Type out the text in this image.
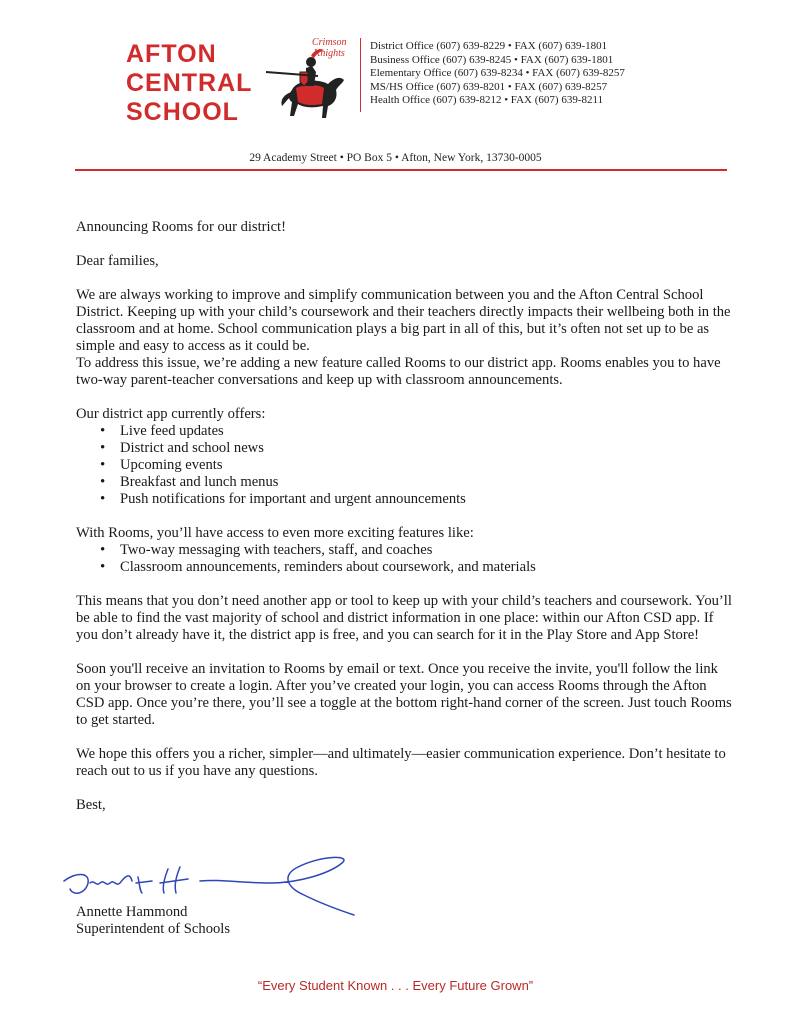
AFTON
CENTRAL
SCHOOL
Crimson
Knights
District Office (607) 639-8229 • FAX (607) 639-1801
Business Office (607) 639-8245 • FAX (607) 639-1801
Elementary Office (607) 639-8234 • FAX (607) 639-8257
MS/HS Office (607) 639-8201 • FAX (607) 639-8257
Health Office (607) 639-8212 • FAX (607) 639-8211
29 Academy Street • PO Box 5 • Afton, New York, 13730-0005

Announcing Rooms for our district!

Dear families,

We are always working to improve and simplify communication between you and the Afton Central School District. Keeping up with your child’s coursework and their teachers directly impacts their wellbeing both in the classroom and at home. School communication plays a big part in all of this, but it’s often not set up to be as simple and easy to access as it could be.

To address this issue, we’re adding a new feature called Rooms to our district app. Rooms enables you to have two-way parent-teacher conversations and keep up with classroom announcements.

Our district app currently offers:

• Live feed updates
• District and school news
• Upcoming events
• Breakfast and lunch menus
• Push notifications for important and urgent announcements

With Rooms, you’ll have access to even more exciting features like:

• Two-way messaging with teachers, staff, and coaches
• Classroom announcements, reminders about coursework, and materials

This means that you don’t need another app or tool to keep up with your child’s teachers and coursework. You’ll be able to find the vast majority of school and district information in one place: within our Afton CSD app. If you don’t already have it, the district app is free, and you can search for it in the Play Store and App Store!

Soon you'll receive an invitation to Rooms by email or text. Once you receive the invite, you'll follow the link on your browser to create a login. After you’ve created your login, you can access Rooms through the Afton CSD app. Once you’re there, you’ll see a toggle at the bottom right-hand corner of the screen. Just touch Rooms to get started.

We hope this offers you a richer, simpler—and ultimately—easier communication experience. Don’t hesitate to reach out to us if you have any questions.

Best,

Annette Hammond
Superintendent of Schools
“Every Student Known . . . Every Future Grown”
